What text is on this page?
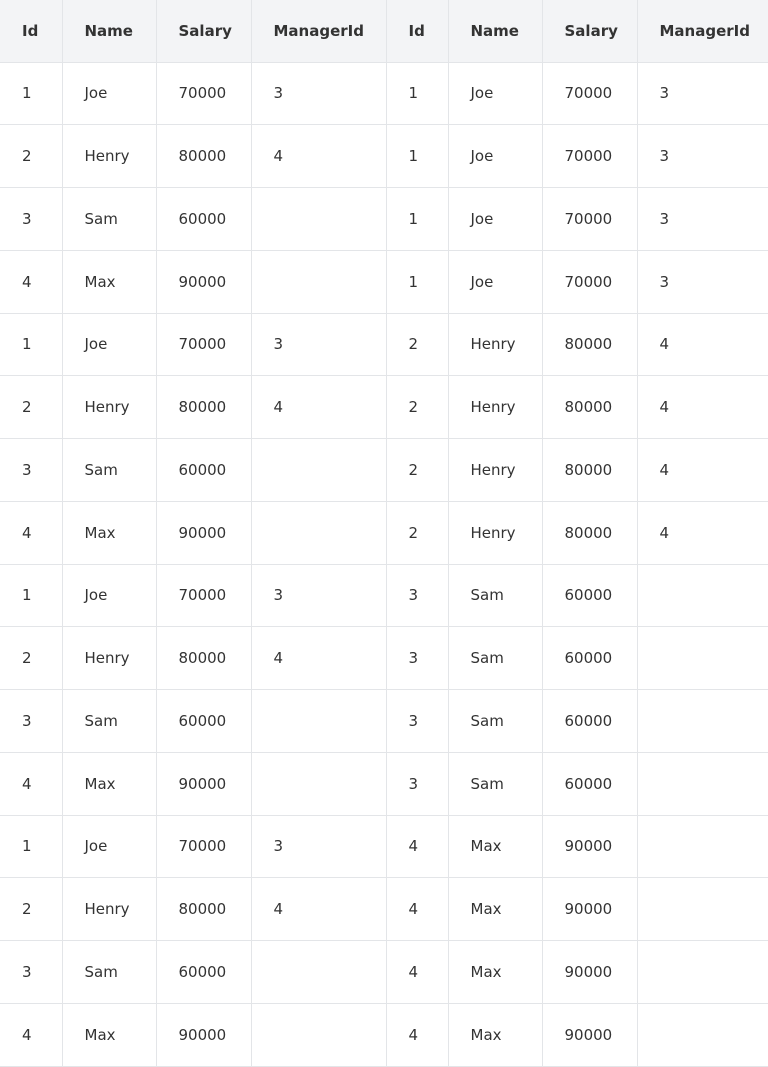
Id	Name	Salary	ManagerId	Id	Name	Salary	ManagerId
1	Joe	70000	3	1	Joe	70000	3
2	Henry	80000	4	1	Joe	70000	3
3	Sam	60000		1	Joe	70000	3
4	Max	90000		1	Joe	70000	3
1	Joe	70000	3	2	Henry	80000	4
2	Henry	80000	4	2	Henry	80000	4
3	Sam	60000		2	Henry	80000	4
4	Max	90000		2	Henry	80000	4
1	Joe	70000	3	3	Sam	60000	
2	Henry	80000	4	3	Sam	60000	
3	Sam	60000		3	Sam	60000	
4	Max	90000		3	Sam	60000	
1	Joe	70000	3	4	Max	90000	
2	Henry	80000	4	4	Max	90000	
3	Sam	60000		4	Max	90000	
4	Max	90000		4	Max	90000	
